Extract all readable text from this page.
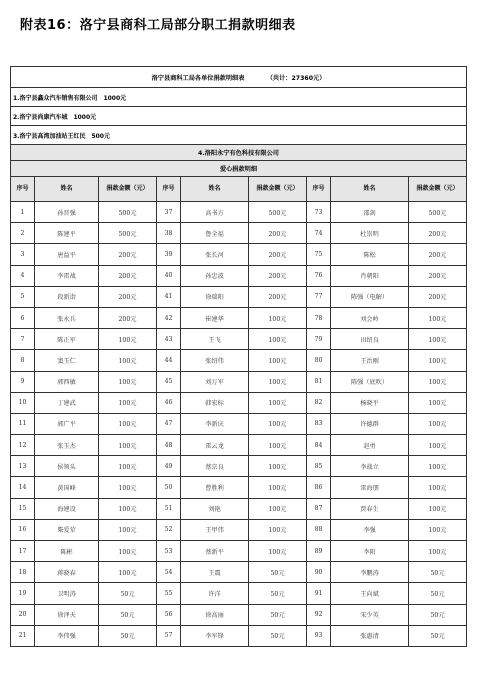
附表16：洛宁县商科工局部分职工捐款明细表
洛宁县商科工局各单位捐款明细表 （共计：27360元）								
1.洛宁县鑫众汽车销售有限公司　1000元								
2.洛宁县尚康汽车城　1000元								
3.洛宁县高湾加油站王红民　500元								
4.洛阳永宁有色科技有限公司								
爱心捐款明细								
序号	姓名	捐款金额（元）	序号	姓名	捐款金额（元）	序号	姓名	捐款金额（元）
1	孙晋强	500元	37	高书方	500元	73	邵剑	500元
2	陈建平	500元	38	鲁全福	200元	74	杜崇明	200元
3	唐益平	200元	39	张长河	200元	75	陈松	200元
4	李雷战	200元	40	孙忠波	200元	76	肖朝阳	200元
5	段新诣	200元	41	徐瑞阳	200元	77	陈强（电解）	200元
6	张永兵	200元	42	崔建华	100元	78	刘会岭	100元
7	陈正军	100元	43	王飞	100元	79	田绍良	100元
8	窦玉仁	100元	44	张绍伟	100元	80	王治刚	100元
9	郭西敏	100元	45	刘万军	100元	81	陈强（底吹）	100元
10	丁建武	100元	46	韩宏标	100元	82	杨晓平	100元
11	郭广平	100元	47	李新庆	100元	83	许德群	100元
12	张玉杰	100元	48	雷云龙	100元	84	赵勇	100元
13	侯领头	100元	49	蔡京良	100元	85	李战立	100元
14	黄国峰	100元	50	曹胜利	100元	86	雷海朋	100元
15	海建设	100元	51	刘艳	100元	87	贾春生	100元
16	柴爱荤	100元	52	王甲伟	100元	88	李强	100元
17	陈彬	100元	53	蔡新平	100元	89	李阳	100元
18	蒋晓春	100元	54	王震	50元	90	李鹏涛	50元
19	卫明涛	50元	55	许洋	50元	91	王向斌	50元
20	徐泽天	50元	56	徐高丽	50元	92	宋少英	50元
21	李伟强	50元	57	李军锋	50元	93	张惠清	50元
